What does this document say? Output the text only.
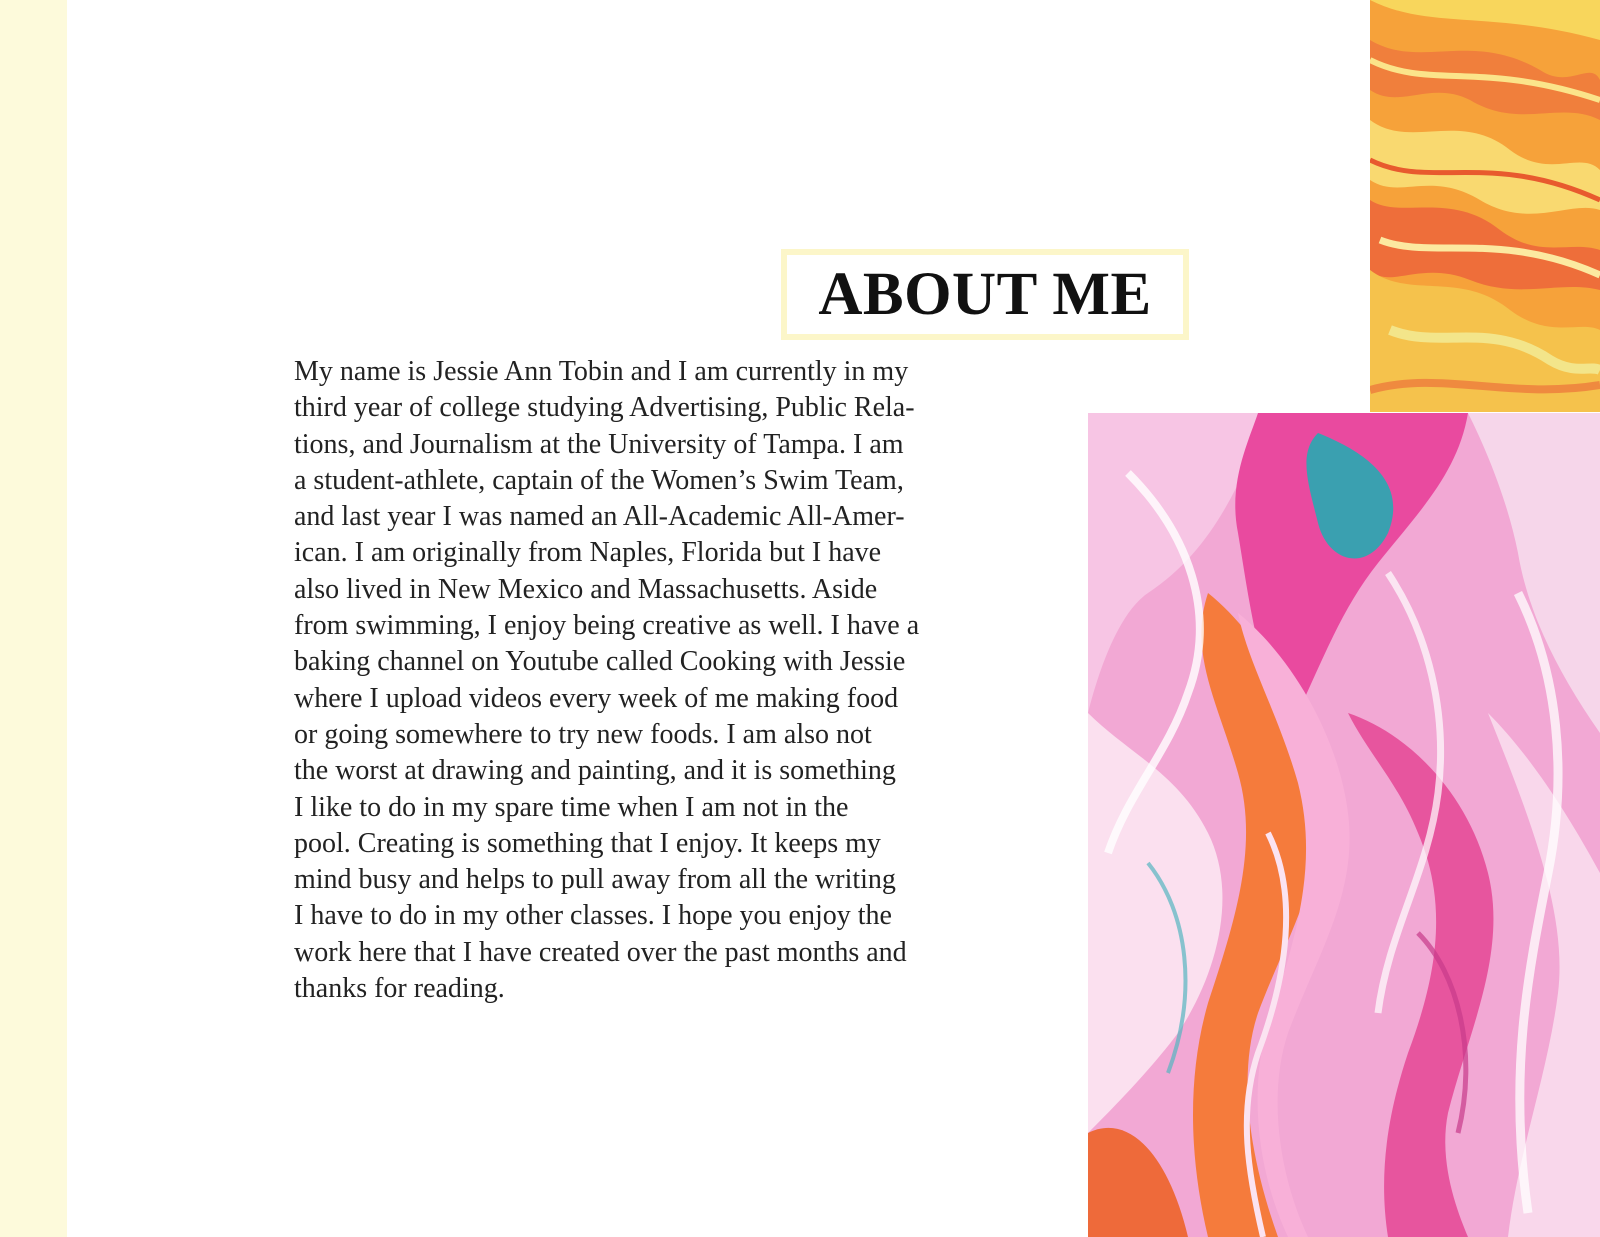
ABOUT ME

My name is Jessie Ann Tobin and I am currently in my
third year of college studying Advertising, Public Rela-
tions, and Journalism at the University of Tampa. I am
a student-athlete, captain of the Women’s Swim Team,
and last year I was named an All-Academic All-Amer-
ican. I am originally from Naples, Florida but I have
also lived in New Mexico and Massachusetts. Aside
from swimming, I enjoy being creative as well. I have a
baking channel on Youtube called Cooking with Jessie
where I upload videos every week of me making food
or going somewhere to try new foods. I am also not
the worst at drawing and painting, and it is something
I like to do in my spare time when I am not in the
pool. Creating is something that I enjoy. It keeps my
mind busy and helps to pull away from all the writing
I have to do in my other classes. I hope you enjoy the
work here that I have created over the past months and
thanks for reading.
